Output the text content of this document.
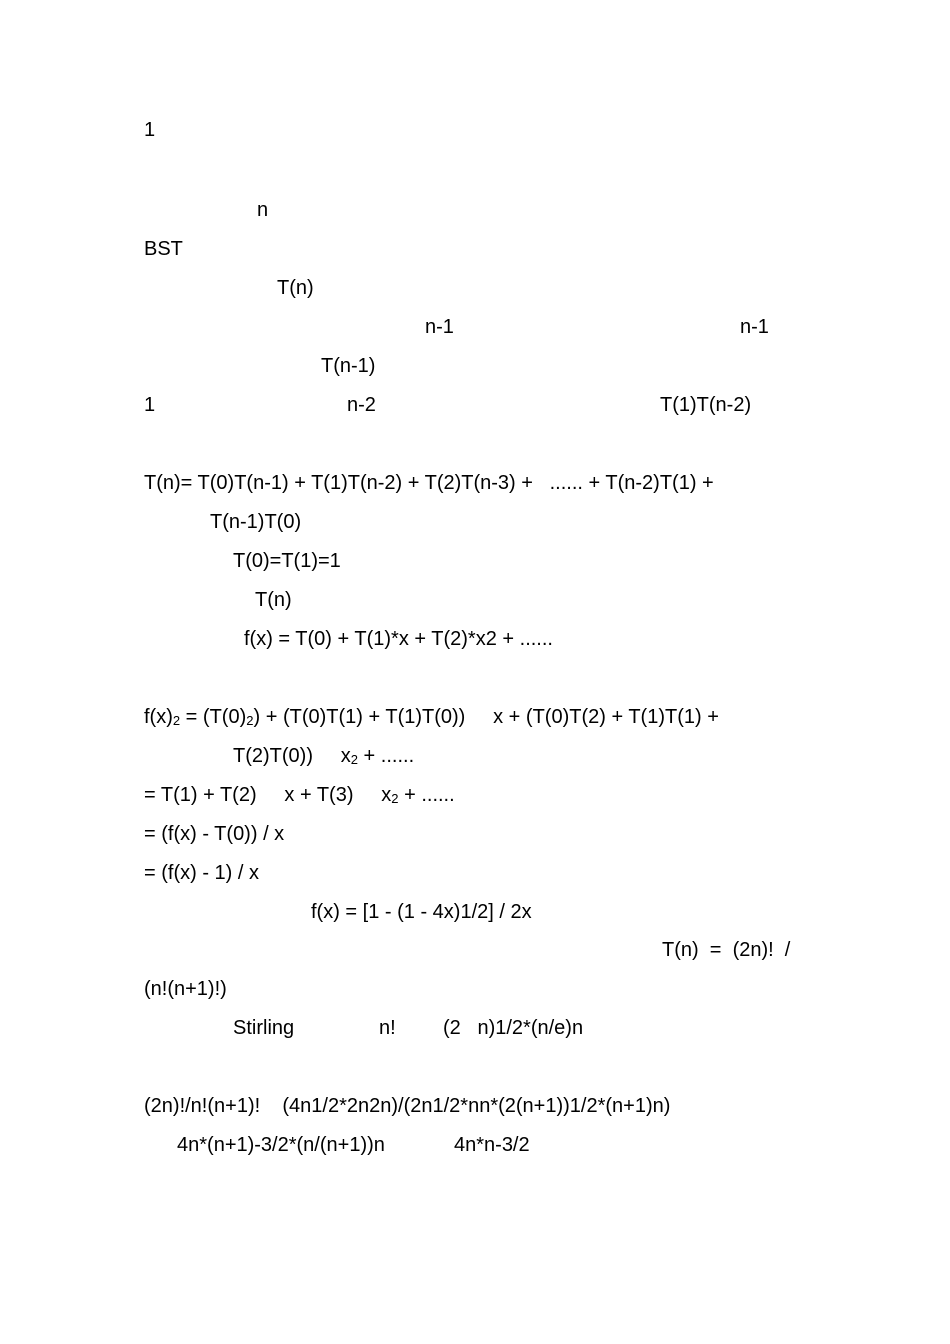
1
n
BST
T(n)
n-1	n-1
T(n-1)
1	n-2	T(1)T(n-2)
T(n)= T(0)T(n-1) + T(1)T(n-2) + T(2)T(n-3) +   ...... + T(n-2)T(1) +
T(n-1)T(0)
T(0)=T(1)=1
T(n)
f(x) = T(0) + T(1)*x + T(2)*x2 + ......
$f(x)_2 = (T(0)_2) + (T(0)T(1) + T(1)T(0))$     x + (T(0)T(2) + T(1)T(1) +
T(2)T(0))     $x_2$ + ......
= T(1) + T(2)     x + T(3)     $x_2$ + ......
= (f(x) - T(0)) / x
= (f(x) - 1) / x
f(x) = [1 - (1 - 4x)1/2] / 2x
T(n)  =  (2n)!  /
(n!(n+1)!)
Stirling	n! (2   n)1/2*(n/e)n
(2n)!/n!(n+1)!    (4n1/2*2n2n)/(2n1/2*nn*(2(n+1))1/2*(n+1)n)
4n*(n+1)-3/2*(n/(n+1))n	4n*n-3/2
